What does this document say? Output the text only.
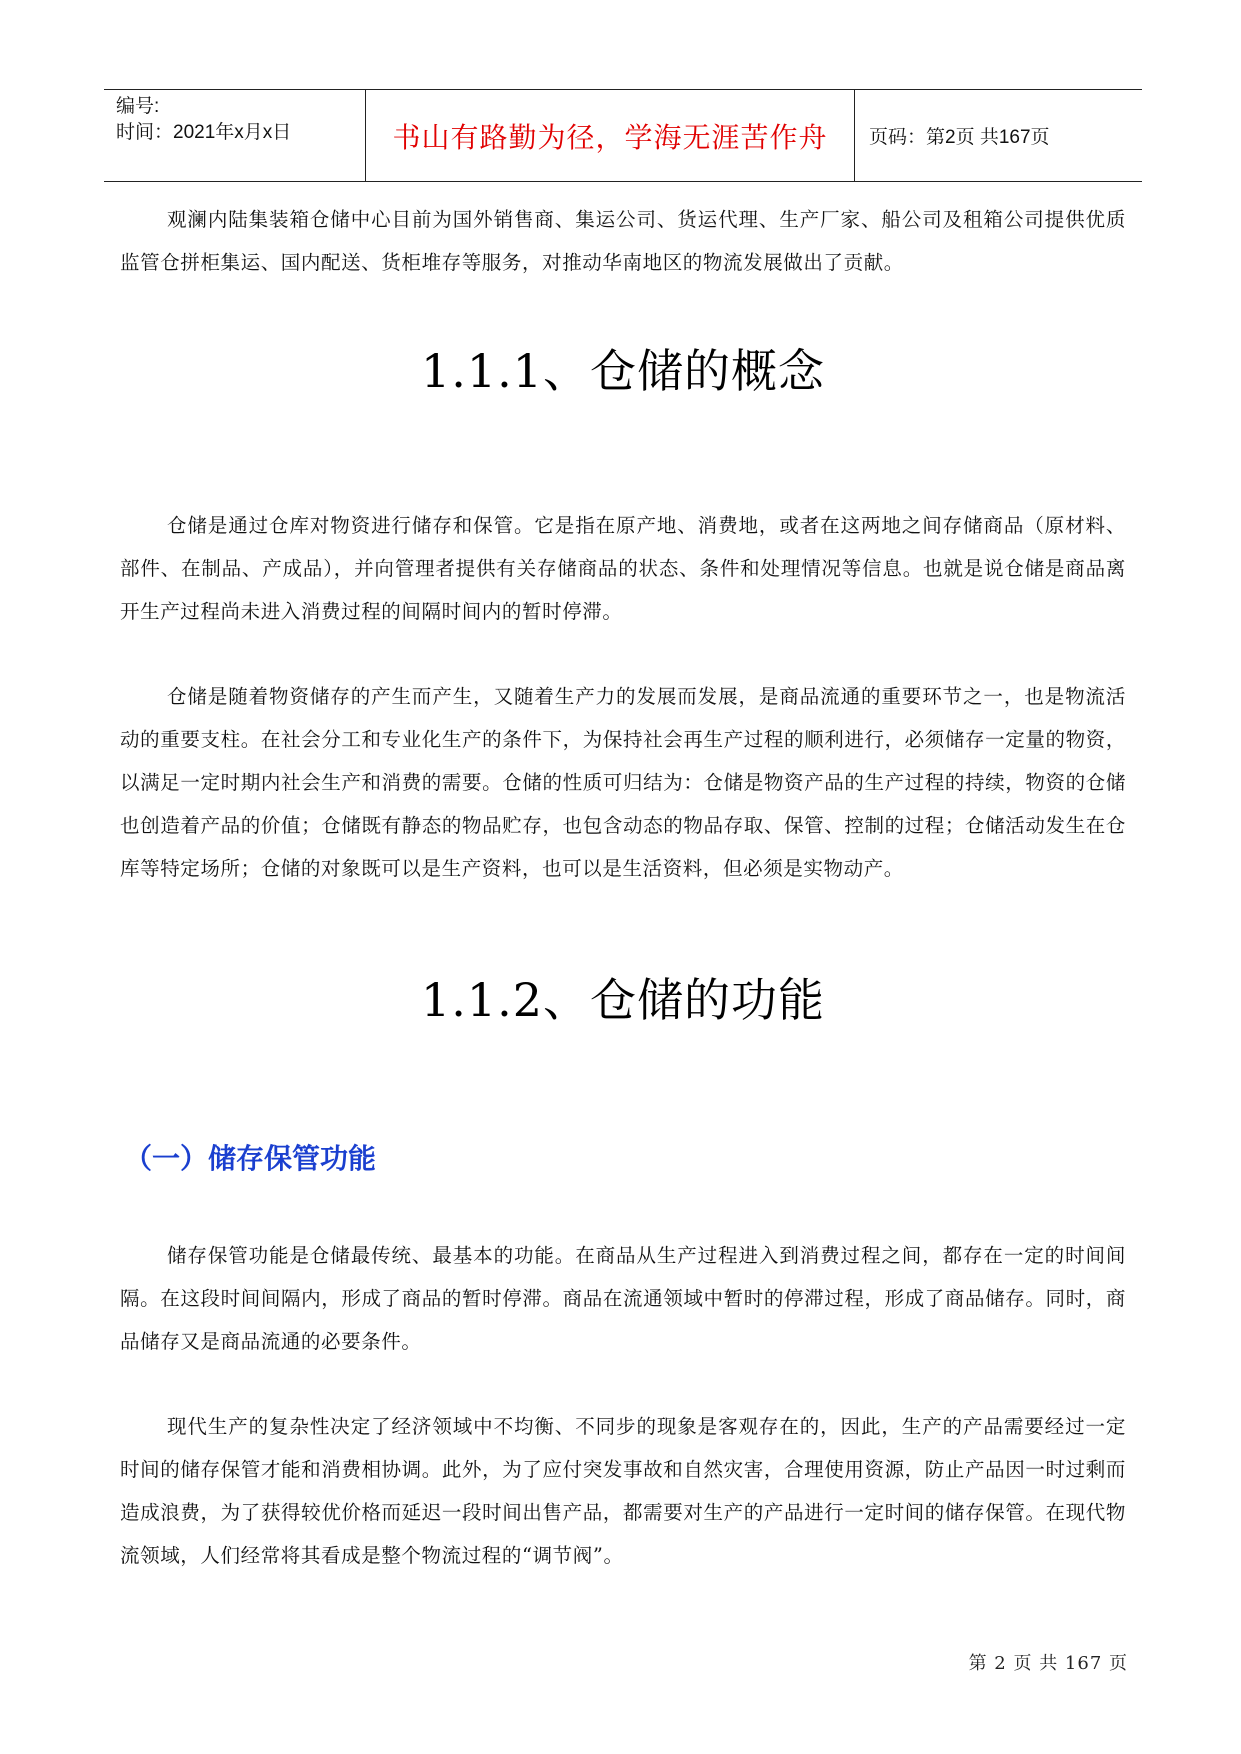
编号:
时间：2021年x月x日	书山有路勤为径，学海无涯苦作舟	页码：第2页 共167页

观澜内陆集装箱仓储中心目前为国外销售商、集运公司、货运代理、生产厂家、船公司及租箱公司提供优质监管仓拼柜集运、国内配送、货柜堆存等服务，对推动华南地区的物流发展做出了贡献。

1.1.1、仓储的概念

仓储是通过仓库对物资进行储存和保管。它是指在原产地、消费地，或者在这两地之间存储商品（原材料、部件、在制品、产成品），并向管理者提供有关存储商品的状态、条件和处理情况等信息。也就是说仓储是商品离开生产过程尚未进入消费过程的间隔时间内的暂时停滞。

仓储是随着物资储存的产生而产生，又随着生产力的发展而发展，是商品流通的重要环节之一，也是物流活动的重要支柱。在社会分工和专业化生产的条件下，为保持社会再生产过程的顺利进行，必须储存一定量的物资，以满足一定时期内社会生产和消费的需要。仓储的性质可归结为：仓储是物资产品的生产过程的持续，物资的仓储也创造着产品的价值；仓储既有静态的物品贮存，也包含动态的物品存取、保管、控制的过程；仓储活动发生在仓库等特定场所；仓储的对象既可以是生产资料，也可以是生活资料，但必须是实物动产。

1.1.2、仓储的功能
（一）储存保管功能

储存保管功能是仓储最传统、最基本的功能。在商品从生产过程进入到消费过程之间，都存在一定的时间间隔。在这段时间间隔内，形成了商品的暂时停滞。商品在流通领域中暂时的停滞过程，形成了商品储存。同时，商品储存又是商品流通的必要条件。

现代生产的复杂性决定了经济领域中不均衡、不同步的现象是客观存在的，因此，生产的产品需要经过一定时间的储存保管才能和消费相协调。此外，为了应付突发事故和自然灾害，合理使用资源，防止产品因一时过剩而造成浪费，为了获得较优价格而延迟一段时间出售产品，都需要对生产的产品进行一定时间的储存保管。在现代物流领域，人们经常将其看成是整个物流过程的“调节阀”。

第 2 页 共 167 页
